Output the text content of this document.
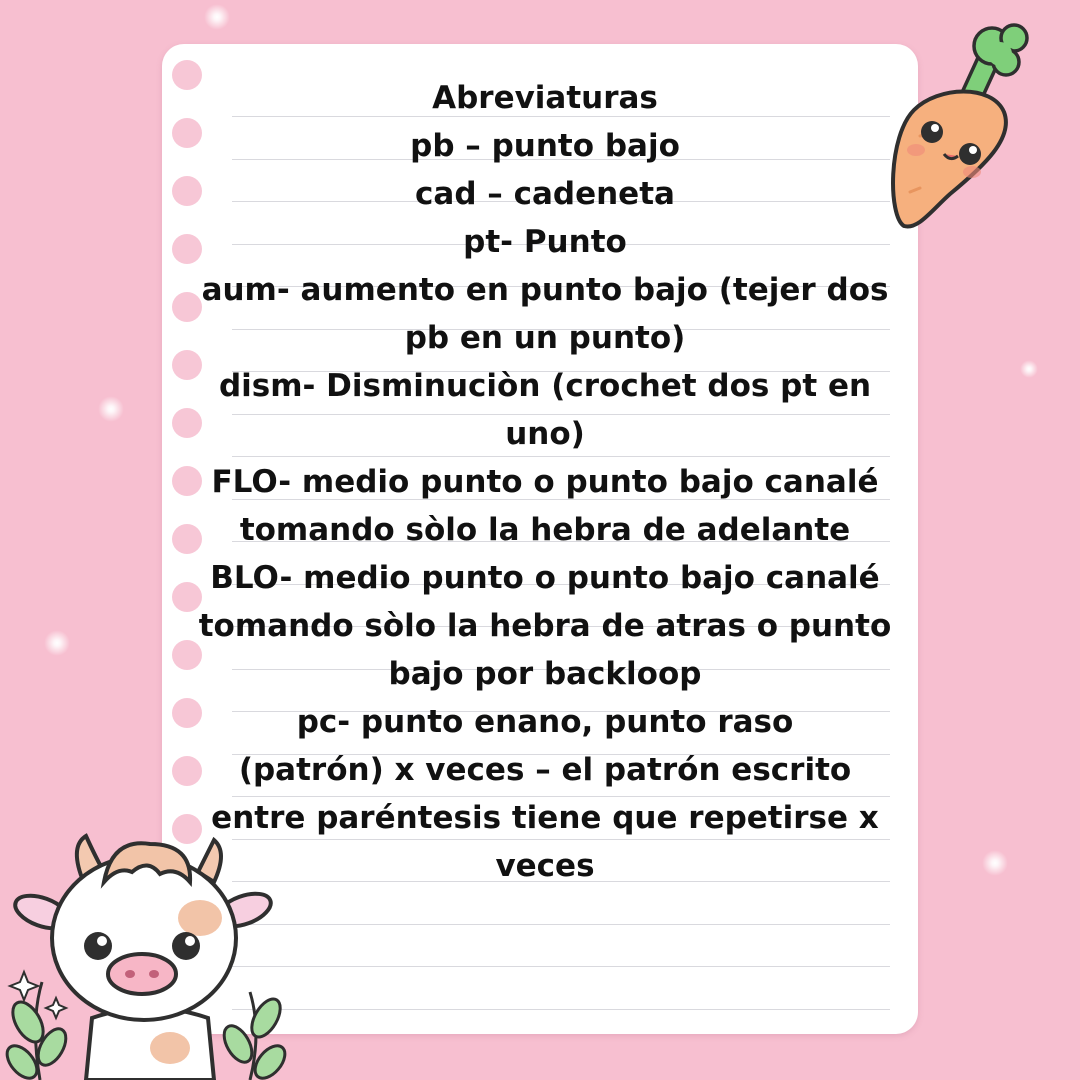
Abreviaturas
pb – punto bajo
cad – cadeneta
pt- Punto
aum- aumento en punto bajo (tejer dos
pb en un punto)
dism- Disminuciòn (crochet dos pt en
uno)
FLO- medio punto o punto bajo canalé
tomando sòlo la hebra de adelante
BLO- medio punto o punto bajo canalé
tomando sòlo la hebra de atras o punto
bajo por backloop
pc- punto enano, punto raso
(patrón) x veces – el patrón escrito
entre paréntesis tiene que repetirse x
veces
